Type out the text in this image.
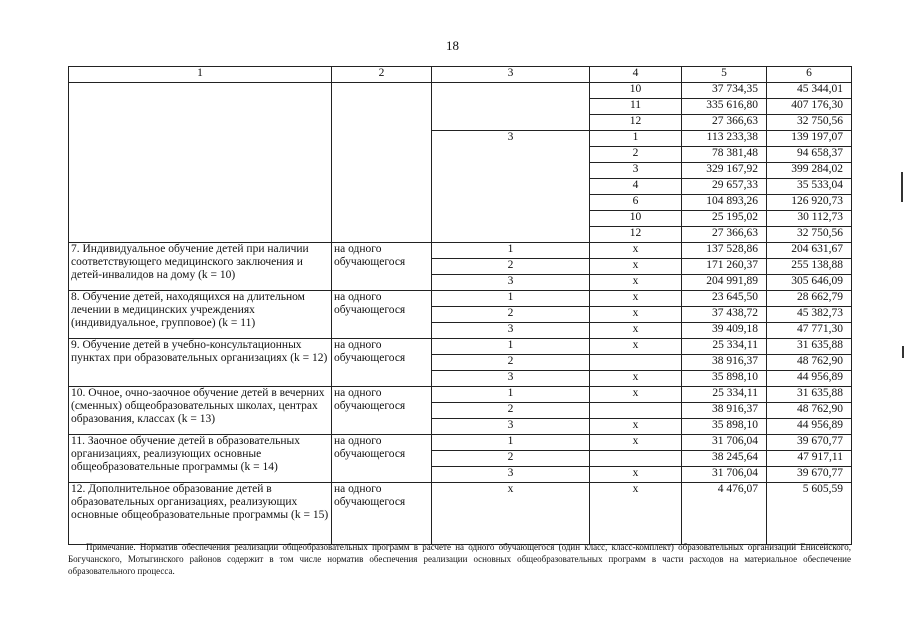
18
1	2	3	4	5	6
			10	37 734,35	45 344,01
			11	335 616,80	407 176,30
			12	27 366,63	32 750,56
		3	1	113 233,38	139 197,07
			2	78 381,48	94 658,37
			3	329 167,92	399 284,02
			4	29 657,33	35 533,04
			6	104 893,26	126 920,73
			10	25 195,02	30 112,73
			12	27 366,63	32 750,56
7. Индивидуальное обучение детей при наличии соответствующего медицинского заключения и детей-инвалидов на дому (k = 10)	на одного обучающегося	1	х	137 528,86	204 631,67
		2	х	171 260,37	255 138,88
		3	х	204 991,89	305 646,09
8. Обучение детей, находящихся на длительном лечении в медицинских учреждениях (индивидуальное, групповое) (k = 11)	на одного обучающегося	1	х	23 645,50	28 662,79
		2	х	37 438,72	45 382,73
		3	х	39 409,18	47 771,30
9. Обучение детей в учебно-консультационных пунктах при образовательных организациях (k = 12)	на одного обучающегося	1	х	25 334,11	31 635,88
		2		38 916,37	48 762,90
		3	х	35 898,10	44 956,89
10. Очное, очно-заочное обучение детей в вечерних (сменных) общеобразовательных школах, центрах образования, классах (k = 13)	на одного обучающегося	1	х	25 334,11	31 635,88
		2		38 916,37	48 762,90
		3	х	35 898,10	44 956,89
11. Заочное обучение детей в образовательных организациях, реализующих основные общеобразовательные программы (k = 14)	на одного обучающегося	1	х	31 706,04	39 670,77
		2		38 245,64	47 917,11
		3	х	31 706,04	39 670,77
12. Дополнительное образование детей в образовательных организациях, реализующих основные общеобразовательные программы (k = 15)	на одного обучающегося	х	х	4 476,07	5 605,59
Примечание. Норматив обеспечения реализации общеобразовательных программ в расчете на одного обучающегося (один класс, класс-комплект) образовательных организаций Енисейского, Богучанского, Мотыгинского районов содержит в том числе норматив обеспечения реализации основных общеобразовательных программ в части расходов на материальное обеспечение образовательного процесса.
